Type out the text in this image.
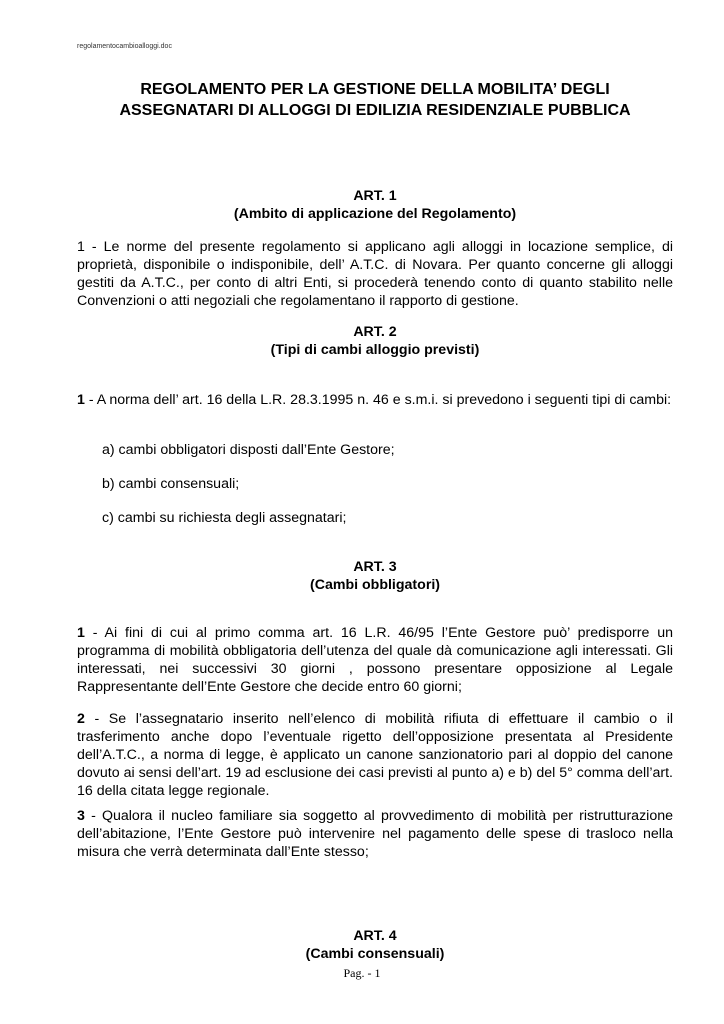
regolamentocambioalloggi.doc
REGOLAMENTO PER LA GESTIONE DELLA MOBILITA’ DEGLI
ASSEGNATARI DI ALLOGGI DI EDILIZIA RESIDENZIALE PUBBLICA
ART. 1
(Ambito di applicazione del Regolamento)
1 - Le norme del presente regolamento si applicano agli alloggi in locazione semplice, di proprietà, disponibile o indisponibile, dell’ A.T.C. di Novara. Per quanto concerne gli alloggi gestiti da A.T.C., per conto di altri Enti, si procederà tenendo conto di quanto stabilito nelle Convenzioni o atti negoziali che regolamentano il rapporto di gestione.
ART. 2
(Tipi di cambi alloggio previsti)
1 - A norma dell’ art. 16 della L.R. 28.3.1995 n. 46 e s.m.i. si prevedono i seguenti tipi di cambi:
a) cambi obbligatori disposti dall’Ente Gestore;
b) cambi consensuali;
c) cambi su richiesta degli assegnatari;
ART. 3
(Cambi obbligatori)
1 - Ai fini di cui al primo comma art. 16 L.R. 46/95 l’Ente Gestore può’ predisporre un programma di mobilità obbligatoria dell’utenza del quale dà comunicazione agli interessati. Gli interessati, nei successivi 30 giorni , possono presentare opposizione al Legale Rappresentante dell’Ente Gestore che decide entro 60 giorni;
2 - Se l’assegnatario inserito nell’elenco di mobilità rifiuta di effettuare il cambio o il trasferimento anche dopo l’eventuale rigetto dell’opposizione presentata al Presidente dell’A.T.C., a norma di legge, è applicato un canone sanzionatorio pari al doppio del canone dovuto ai sensi dell’art. 19 ad esclusione dei casi previsti al punto a) e b) del 5° comma dell’art. 16 della citata legge regionale.
3 - Qualora il nucleo familiare sia soggetto al provvedimento di mobilità per ristrutturazione dell’abitazione, l’Ente Gestore può intervenire nel pagamento delle spese di trasloco nella misura che verrà determinata dall’Ente stesso;
ART. 4
(Cambi consensuali)
Pag. - 1
